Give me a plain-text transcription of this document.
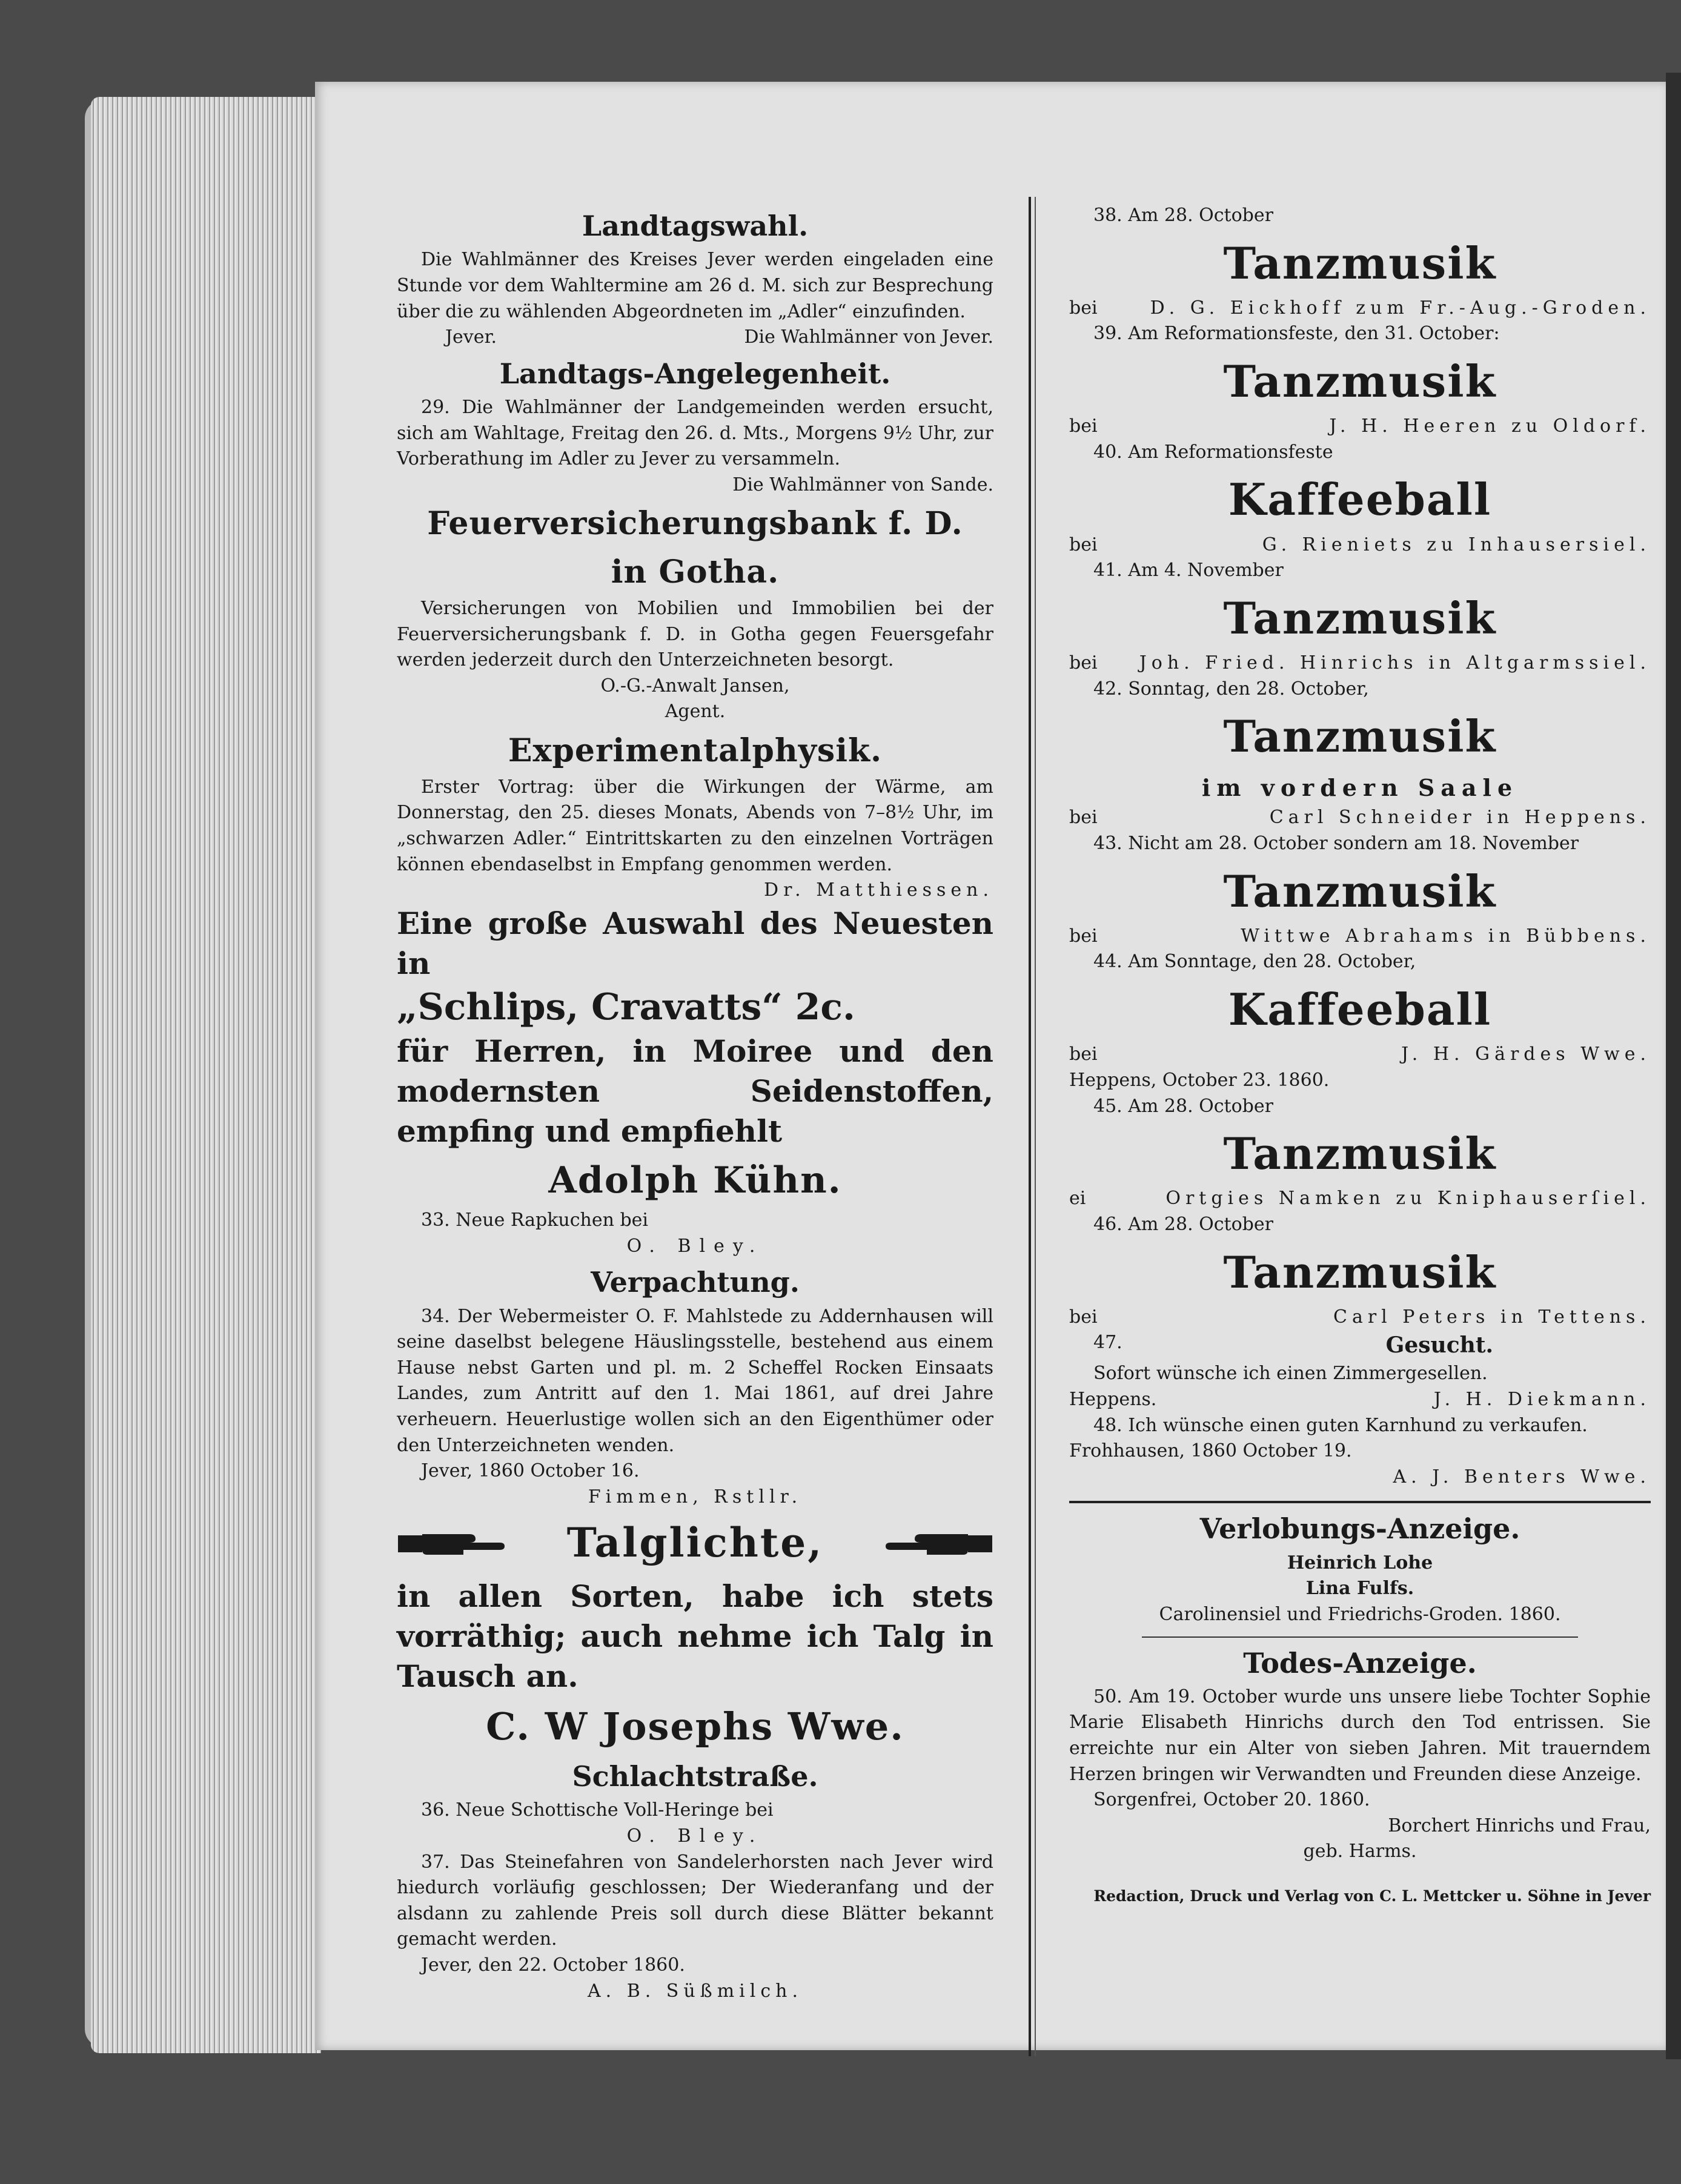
Landtagswahl.

Die Wahlmänner des Kreises Jever werden eingeladen eine Stunde vor dem Wahltermine am 26 d. M. sich zur Besprechung über die zu wählenden Abgeordneten im „Adler“ einzufinden.

Jever.	Die Wahlmänner von Jever.
Landtags-Angelegenheit.

29. Die Wahlmänner der Landgemeinden werden ersucht, sich am Wahltage, Freitag den 26. d. Mts., Morgens 9½ Uhr, zur Vorberathung im Adler zu Jever zu versammeln.

Die Wahlmänner von Sande.
Feuerversicherungsbank f. D.
in Gotha.

Versicherungen von Mobilien und Immobilien bei der Feuerversicherungsbank f. D. in Gotha gegen Feuersgefahr werden jederzeit durch den Unterzeichneten besorgt.

O.-G.-Anwalt Jansen,
Agent.
Experimentalphysik.

Erster Vortrag: über die Wirkungen der Wärme, am Donnerstag, den 25. dieses Monats, Abends von 7–8½ Uhr, im „schwarzen Adler.“ Eintrittskarten zu den einzelnen Vorträgen können ebendaselbst in Empfang genommen werden.

Dr. Matthiessen.
Eine große Auswahl des Neuesten in
„Schlips, Cravatts“ 2c.
für Herren, in Moiree und den modernsten Seidenstoffen, empfing und empfiehlt
Adolph Kühn.

33. Neue Rapkuchen bei

O. Bley.
Verpachtung.

34. Der Webermeister O. F. Mahlstede zu Addernhausen will seine daselbst belegene Häuslingsstelle, bestehend aus einem Hause nebst Garten und pl. m. 2 Scheffel Rocken Einsaats Landes, zum Antritt auf den 1. Mai 1861, auf drei Jahre verheuern. Heuerlustige wollen sich an den Eigenthümer oder den Unterzeichneten wenden.

Jever, 1860 October 16.

Fimmen, Rstllr.
Talglichte,
in allen Sorten, habe ich stets vorräthig; auch nehme ich Talg in Tausch an.
C. W Josephs Wwe.
Schlachtstraße.

36. Neue Schottische Voll-Heringe bei

O. Bley.

37. Das Steinefahren von Sandelerhorsten nach Jever wird hiedurch vorläufig geschlossen; Der Wiederanfang und der alsdann zu zahlende Preis soll durch diese Blätter bekannt gemacht werden.

Jever, den 22. October 1860.

A. B. Süßmilch.

38. Am 28. October

Tanzmusik
bei	D. G. Eickhoff zum Fr.-Aug.-Groden.

39. Am Reformationsfeste, den 31. October:

Tanzmusik
bei	J. H. Heeren zu Oldorf.

40. Am Reformationsfeste

Kaffeeball
bei	G. Rieniets zu Inhausersiel.

41. Am 4. November

Tanzmusik
bei Joh. Fried. Hinrichs in Altgarmssiel.

42. Sonntag, den 28. October,

Tanzmusik
im vordern Saale
bei	Carl Schneider in Heppens.

43. Nicht am 28. October sondern am 18. November

Tanzmusik
bei	Wittwe Abrahams in Bübbens.

44. Am Sonntage, den 28. October,

Kaffeeball
bei	J. H. Gärdes Wwe.

Heppens, October 23. 1860.

45. Am 28. October

Tanzmusik
ei	Ortgies Namken zu Kniphauserſiel.

46. Am 28. October

Tanzmusik
bei	Carl Peters in Tettens.
47.	Gesucht.

Sofort wünsche ich einen Zimmergesellen.

Heppens.	J. H. Diekmann.

48. Ich wünsche einen guten Karnhund zu verkaufen.

Frohhausen, 1860 October 19.

A. J. Benters Wwe.
Verlobungs-Anzeige.
Heinrich Lohe
Lina Fulfs.
Carolinensiel und Friedrichs-Groden. 1860.
Todes-Anzeige.

50. Am 19. October wurde uns unsere liebe Tochter Sophie Marie Elisabeth Hinrichs durch den Tod entrissen. Sie erreichte nur ein Alter von sieben Jahren. Mit trauerndem Herzen bringen wir Verwandten und Freunden diese Anzeige.

Sorgenfrei, October 20. 1860.

Borchert Hinrichs und Frau,
geb. Harms.
Redaction, Druck und Verlag von C. L. Mettcker u. Söhne in Jever
